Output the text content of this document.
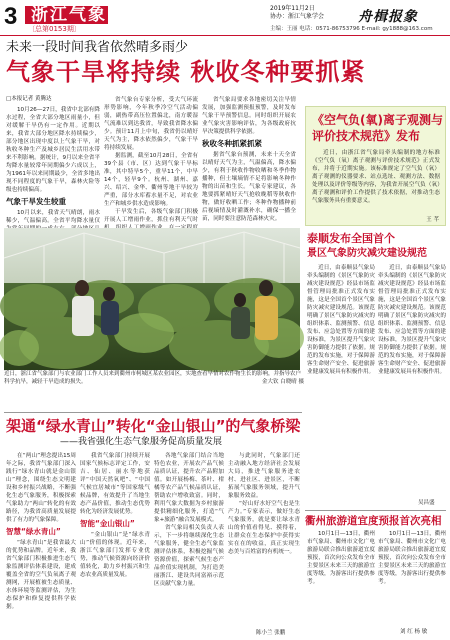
3 浙江气象
〔总第0153期〕
2019年11月2日
协办：浙江气象学会 舟楫报象
主编：王丽 电话：0571-86753796 E-mail: gy1888@163.com
未来一段时间我省依然晴多雨少
气象干旱将持续 秋收冬种要抓紧
□本报记者 黄腾达

10月26—27日，我省中北部有降水过程，全省大部分地区雨量小，但对缓解干旱仍有一定作用。近期以来，我省大部分地区降水持续偏少，部分地区出现中度以上气象干旱，对秋收冬种生产及城乡居民生活用水带来不利影响。据统计，9月以来全省平均降水量较常年同期偏少六成以上，为1961年以来同期最少，全省多地出现不同程度的气象干旱，森林火险等级也持续偏高。

气象干旱发生较重

10月以来，我省天气晴朗，雨水稀少，气温偏高。全省平均降水量仅

省气象台专家分析，受大气环流形势影响，今年秋季冷空气活动偏弱，副热带高压位置偏北，南方暖湿气流难以到达我省，导致我省降水偏少。预计11月上中旬，我省仍以晴好天气为主，降水依然偏少，气象干旱将持续发展。

据监测，截至10月28日，全省有39个县（市、区）达到气象干旱标准，其中特旱5个，重旱11个，中旱14个，轻旱9个。杭州、湖州、嘉兴、绍兴、金华、衢州等地干旱较为严重，部分水库蓄水量不足，对农业生产和城乡供水造成影响。

干旱发生后，各级气象部门积极开展人工增雨作业，抓住有利天气时

省气象局要求各地密切关注旱情发展，加强监测预报预警，及时发布气象干旱预警信息。同时组织开展农业气象灾害影响评估，为各级政府抗旱决策提供科学依据。

秋收冬种抓紧抓紧

据省气象台预测，未来十天全省以晴好天气为主，气温偏高，降水偏少，有利于秋收作物收晒和冬季作物播种，但土壤墒情不足将影响冬种作物的出苗和生长。气象专家建议，各地要抓紧晴好天气抢收晚稻等秋收作物，做好收晒工作；冬种作物播种前后视墒情及时灌溉补水，确保一播全苗，同时要注意防范森林火灾。

近日，浙江省气象部门与农业部门工作人员来到衢州市柯城区某农业园区，实地查看旱情对农作物生长的影响，并指导农户科学抗旱，减轻干旱造成的损失。	金大钦 白晓晴 摄
《空气负(氧)离子观测与
评价技术规范》发布

近日，由浙江省气象局牵头编制的地方标准《空气负（氧）离子观测与评价技术规范》正式发布，并将于近期实施。该标准规定了空气负（氧）离子观测的仪器要求、站点选址、观测方法、数据处理以及评价等级等内容，为我省开展空气负（氧）离子观测和评价工作提供了技术依据，对推动生态气象服务具有重要意义。

王 芊
泰顺发布全国首个
景区气象防灾减灾建设规范

近日，由泰顺县气象局牵头编制的《景区气象防灾减灾建设规范》经县市场监督管理局批准正式发布实施，这是全国首个景区气象防灾减灾建设规范。该规范明确了景区气象防灾减灾的组织体系、监测预警、信息发布、应急处置等方面的建设标准，为景区提升气象灾害防御能力提供了依据。规范的发布实施，对于保障游客生命财产安全、促进旅游业健康发展具有积极作用。

近日，由泰顺县气象局牵头编制的《景区气象防灾减灾建设规范》经县市场监督管理局批准正式发布实施，这是全国首个景区气象防灾减灾建设规范。该规范明确了景区气象防灾减灾的组织体系、监测预警、信息发布、应急处置等方面的建设标准，为景区提升气象灾害防御能力提供了依据。规范的发布实施，对于保障游客生命财产安全、促进旅游业健康发展具有积极作用。

吴昌盛
衢州旅游道宜度预报首次亮相

10月1日—13日，衢州市气象局、衢州市文化广电旅游局联合推出旅游道宜度预报，首次向公众发布全市主要景区未来三天的旅游宜度等级，为游客出行提供参考。

10月1日—13日，衢州市气象局、衢州市文化广电旅游局联合推出旅游道宜度预报，首次向公众发布全市主要景区未来三天的旅游宜度等级，为游客出行提供参考。

刘 红 杨 敏
架通“绿水青山”转化“金山银山”的气象桥梁
——我省强化生态气象服务促高质量发展

在“两山”理念提出15周年之际，我省气象部门深入践行“绿水青山就是金山银山”理念，围绕生态文明建设和乡村振兴战略，不断强化生态气象服务，积极探索气象助力“两山”转化的有效路径，为我省高质量发展提供了有力的气象保障。

智慧“绿水青山”

“绿水青山”是我省最大的优势和品牌。近年来，我省气象部门积极推进生态气象监测评估体系建设，建成覆盖全省的空气负氧离子观测网，开展植被生态质量、水体环境等监测评估，为生态保护和修复提供科学依据。

我省气象部门持续开展国家气候标志评定工作，安吉、仙居、丽水等地获评“中国天然氧吧”、“中国气候宜居城市”等国家级气候品牌，有效提升了当地生态产品价值，推动生态优势转化为经济发展优势。

智能“金山银山”

“金山银山”是“绿水青山”价值的体现。近年来，浙江气象部门发挥专业优势，推动气候资源向经济价值转化，助力乡村振兴和生态农业高质量发展。

各地气象部门结合当地特色农业，开展农产品气候品质认证，提升农产品附加值。如开展杨梅、茶叶、柑橘等农产品气候品质认证，帮助农户增收致富。同时，利用气象大数据为乡村旅游提供精细化服务，打造“气象+旅游”融合发展模式。

省气象局相关负责人表示，下一步将继续深化生态气象服务，健全生态气象监测评估体系，积极挖掘气候资源价值，探索气候生态产品价值实现机制，为打造美丽浙江、建设共同富裕示范区贡献气象力量。

与此同时，气象部门还主动融入地方经济社会发展大局，推进气象服务进农村、进社区、进景区，不断拓展气象服务领域，提升气象服务效益。

“好山好水好空气也是生产力。”专家表示，做好生态气象服务，就是要让绿水青山的价值看得见、摸得着，让群众在生态保护中获得实实在在的收益，真正实现生态美与百姓富的有机统一。

陈小兰 张鹏
